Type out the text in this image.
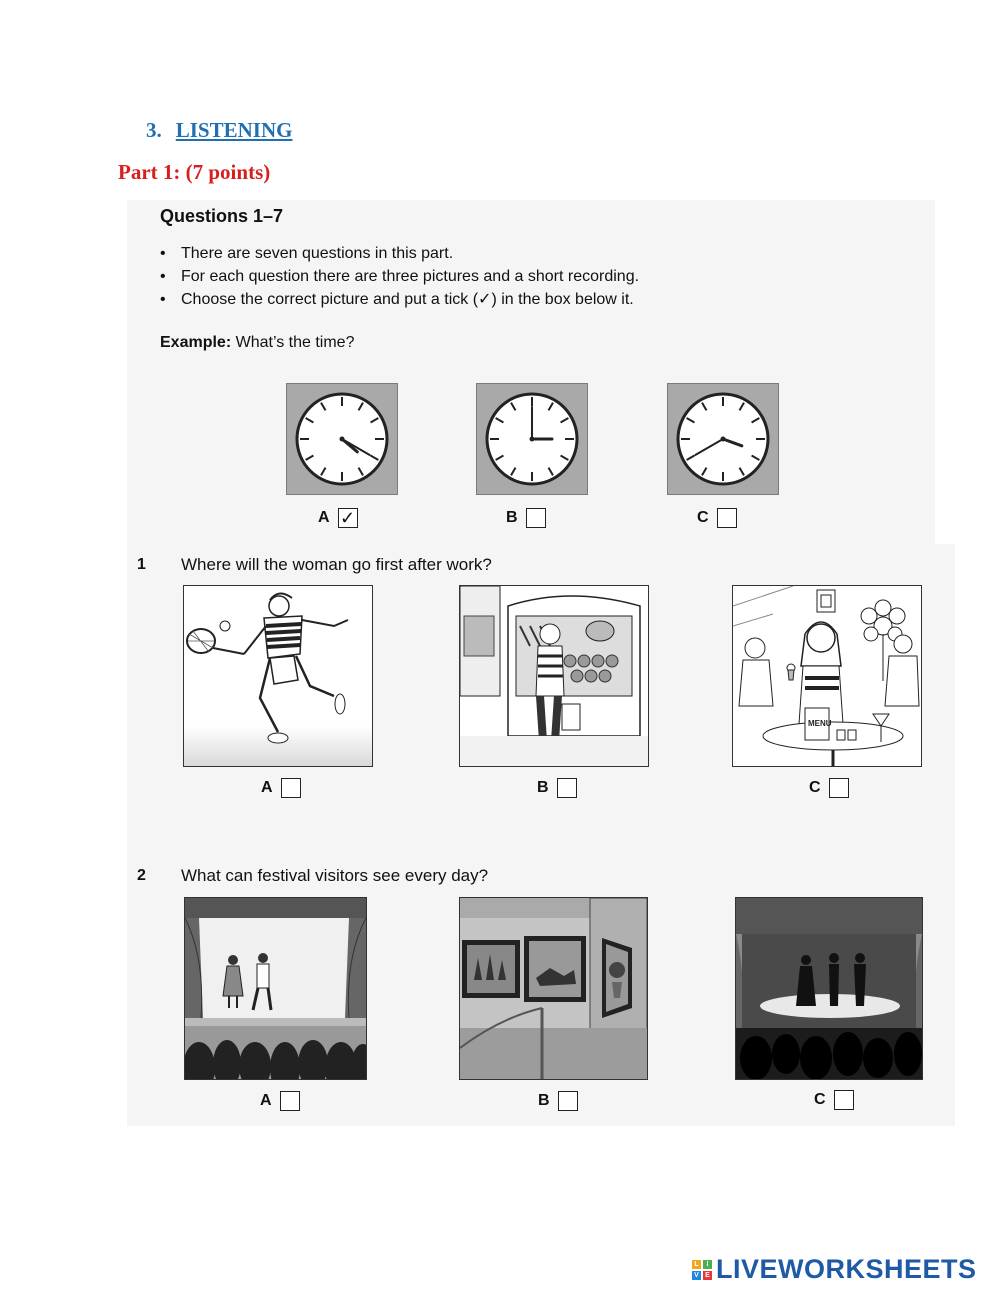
3. LISTENING
Part 1: (7 points)
Questions 1–7
• There are seven questions in this part.
• For each question there are three pictures and a short recording.
• Choose the correct picture and put a tick (✓) in the box below it.
Example: What’s the time?
A ✓	B	C
1 Where will the woman go first after work?
MENU
A	B	C
2 What can festival visitors see every day?
A	B	C
L	I
V E LIVEWORKSHEETS
